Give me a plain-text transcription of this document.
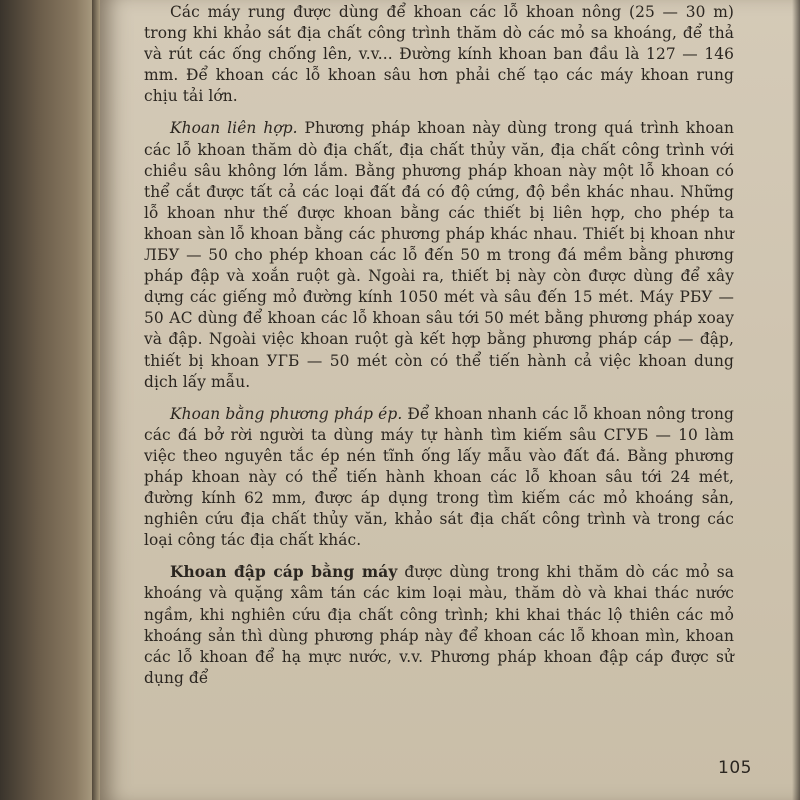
Các máy rung được dùng để khoan các lỗ khoan nông (25 — 30 m) trong khi khảo sát địa chất công trình thăm dò các mỏ sa khoáng, để thả và rút các ống chống lên, v.v... Đường kính khoan ban đầu là 127 — 146 mm. Để khoan các lỗ khoan sâu hơn phải chế tạo các máy khoan rung chịu tải lớn.

Khoan liên hợp. Phương pháp khoan này dùng trong quá trình khoan các lỗ khoan thăm dò địa chất, địa chất thủy văn, địa chất công trình với chiều sâu không lớn lắm. Bằng phương pháp khoan này một lỗ khoan có thể cắt được tất cả các loại đất đá có độ cứng, độ bền khác nhau. Những lỗ khoan như thế được khoan bằng các thiết bị liên hợp, cho phép ta khoan sàn lỗ khoan bằng các phương pháp khác nhau. Thiết bị khoan như ЛБУ — 50 cho phép khoan các lỗ đến 50 m trong đá mềm bằng phương pháp đập và xoắn ruột gà. Ngoài ra, thiết bị này còn được dùng để xây dựng các giếng mỏ đường kính 1050 mét và sâu đến 15 mét. Máy РБУ — 50 АС dùng để khoan các lỗ khoan sâu tới 50 mét bằng phương pháp xoay và đập. Ngoài việc khoan ruột gà kết hợp bằng phương pháp cáp — đập, thiết bị khoan УГБ — 50 mét còn có thể tiến hành cả việc khoan dung dịch lấy mẫu.

Khoan bằng phương pháp ép. Để khoan nhanh các lỗ khoan nông trong các đá bở rời người ta dùng máy tự hành tìm kiếm sâu СГУБ — 10 làm việc theo nguyên tắc ép nén tĩnh ống lấy mẫu vào đất đá. Bằng phương pháp khoan này có thể tiến hành khoan các lỗ khoan sâu tới 24 mét, đường kính 62 mm, được áp dụng trong tìm kiếm các mỏ khoáng sản, nghiên cứu địa chất thủy văn, khảo sát địa chất công trình và trong các loại công tác địa chất khác.

Khoan đập cáp bằng máy được dùng trong khi thăm dò các mỏ sa khoáng và quặng xâm tán các kim loại màu, thăm dò và khai thác nước ngầm, khi nghiên cứu địa chất công trình; khi khai thác lộ thiên các mỏ khoáng sản thì dùng phương pháp này để khoan các lỗ khoan mìn, khoan các lỗ khoan để hạ mực nước, v.v. Phương pháp khoan đập cáp được sử dụng để

105
